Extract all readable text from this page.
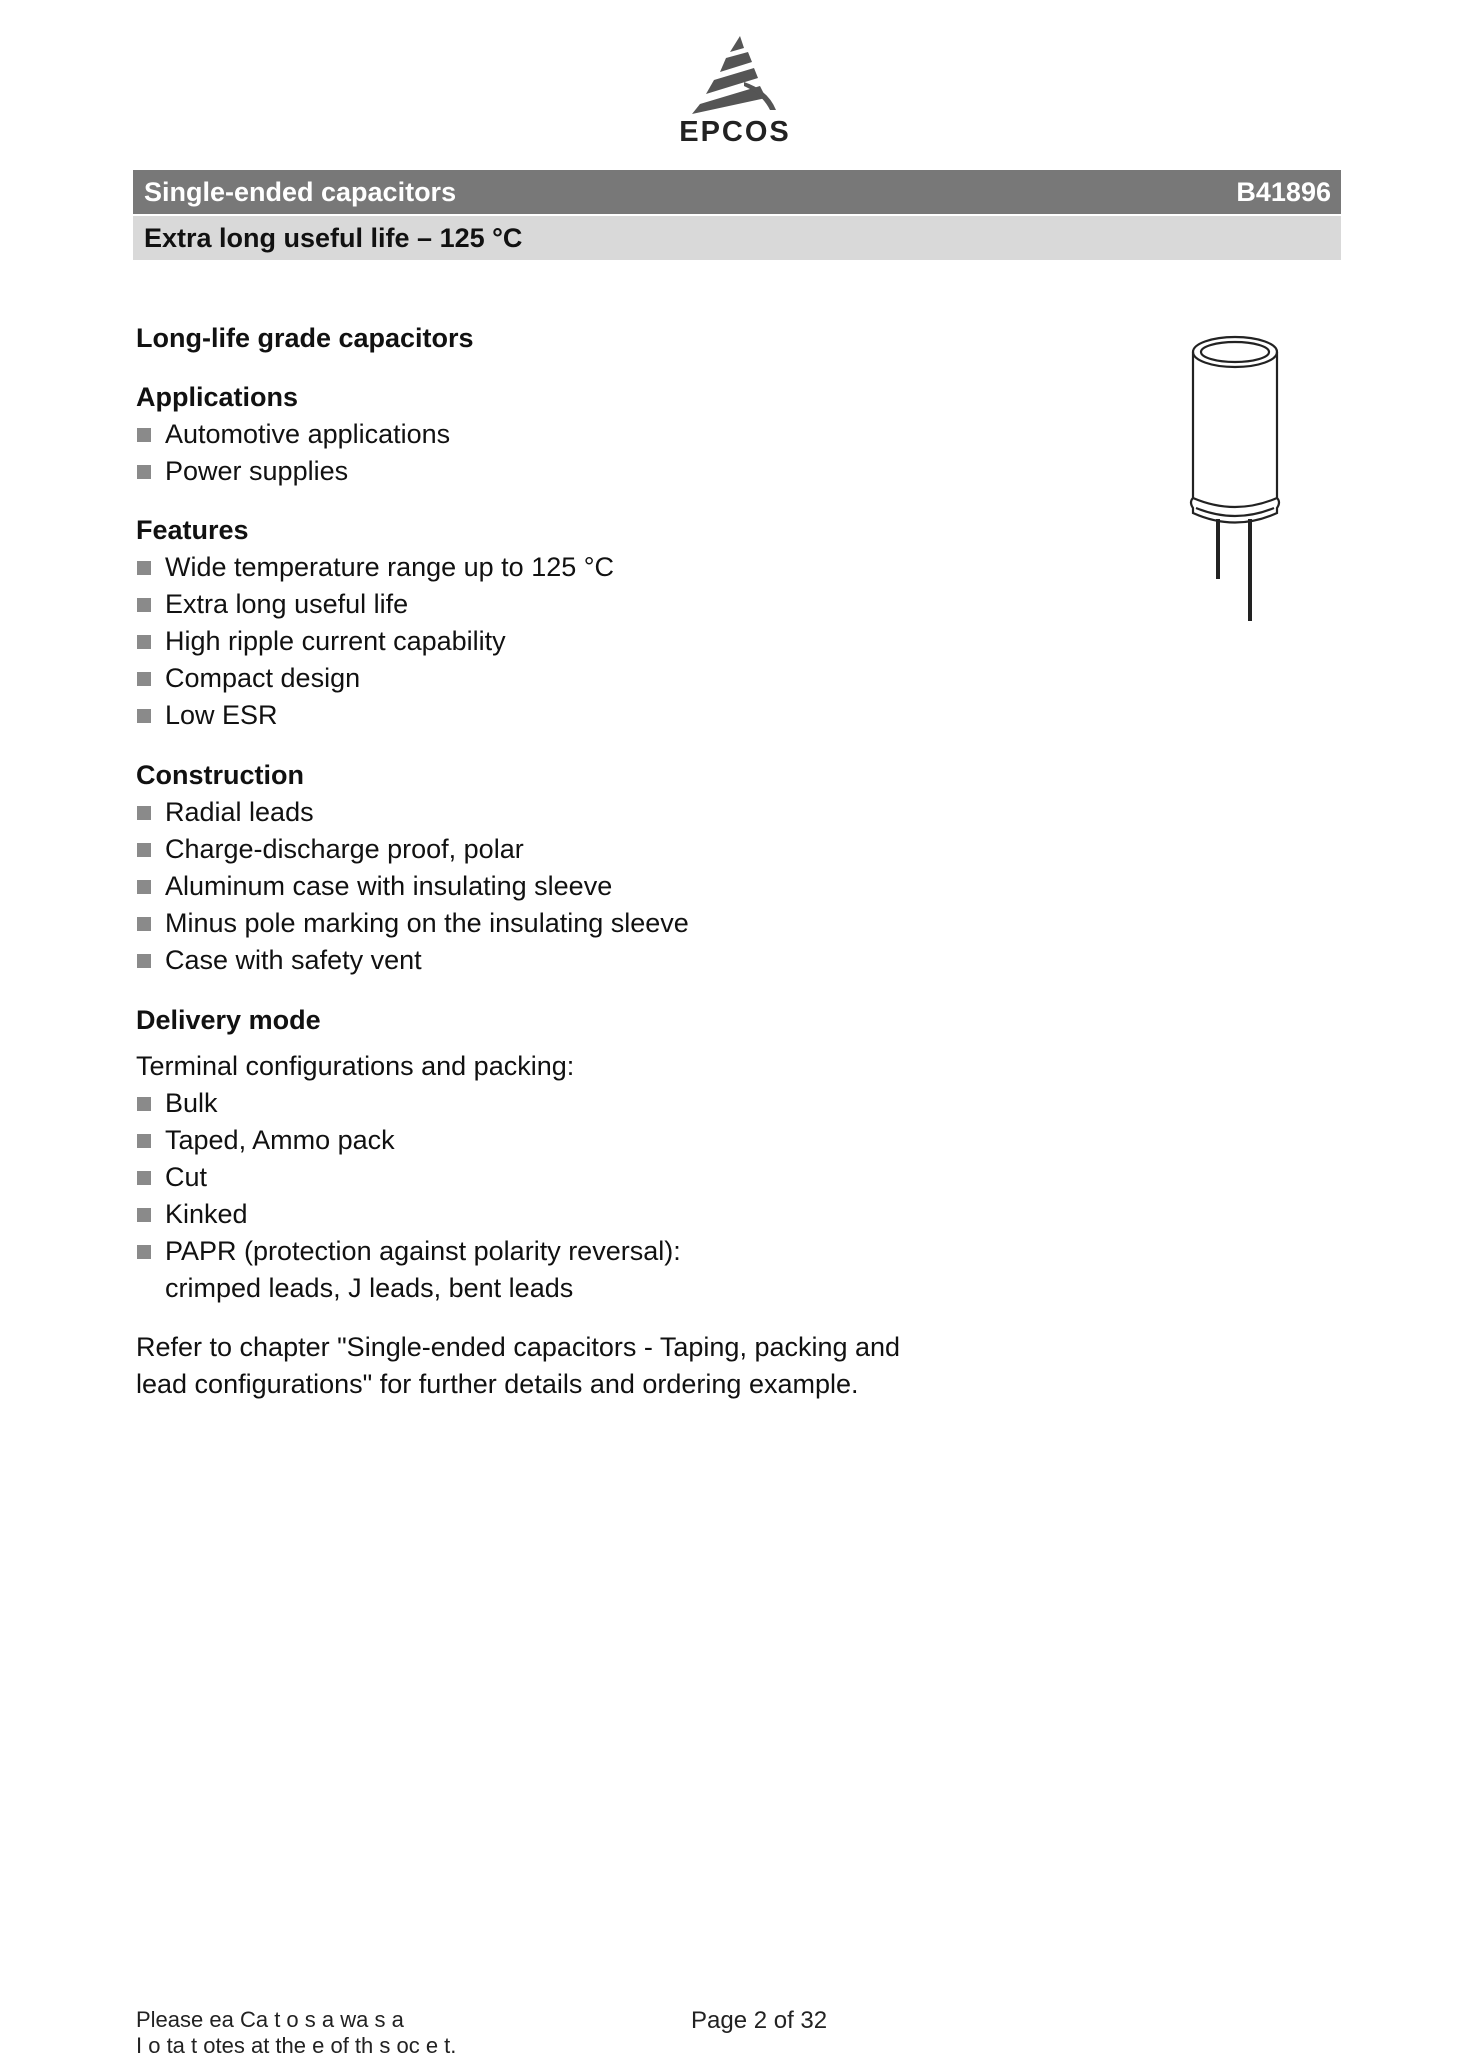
EPCOS
Single-ended capacitors	B41896
Extra long useful life – 125 °C
Long-life grade capacitors
Applications
Automotive applications
Power supplies
Features
Wide temperature range up to 125 °C
Extra long useful life
High ripple current capability
Compact design
Low ESR
Construction
Radial leads
Charge-discharge proof, polar
Aluminum case with insulating sleeve
Minus pole marking on the insulating sleeve
Case with safety vent
Delivery mode
Terminal configurations and packing:
Bulk
Taped, Ammo pack
Cut
Kinked
PAPR (protection against polarity reversal):
crimped leads, J leads, bent leads
Refer to chapter "Single-ended capacitors - Taping, packing and
lead configurations" for further details and ordering example.
Please ea Ca t o s a wa s a
I o ta t otes at the e of th s oc e t.
Page 2 of 32
